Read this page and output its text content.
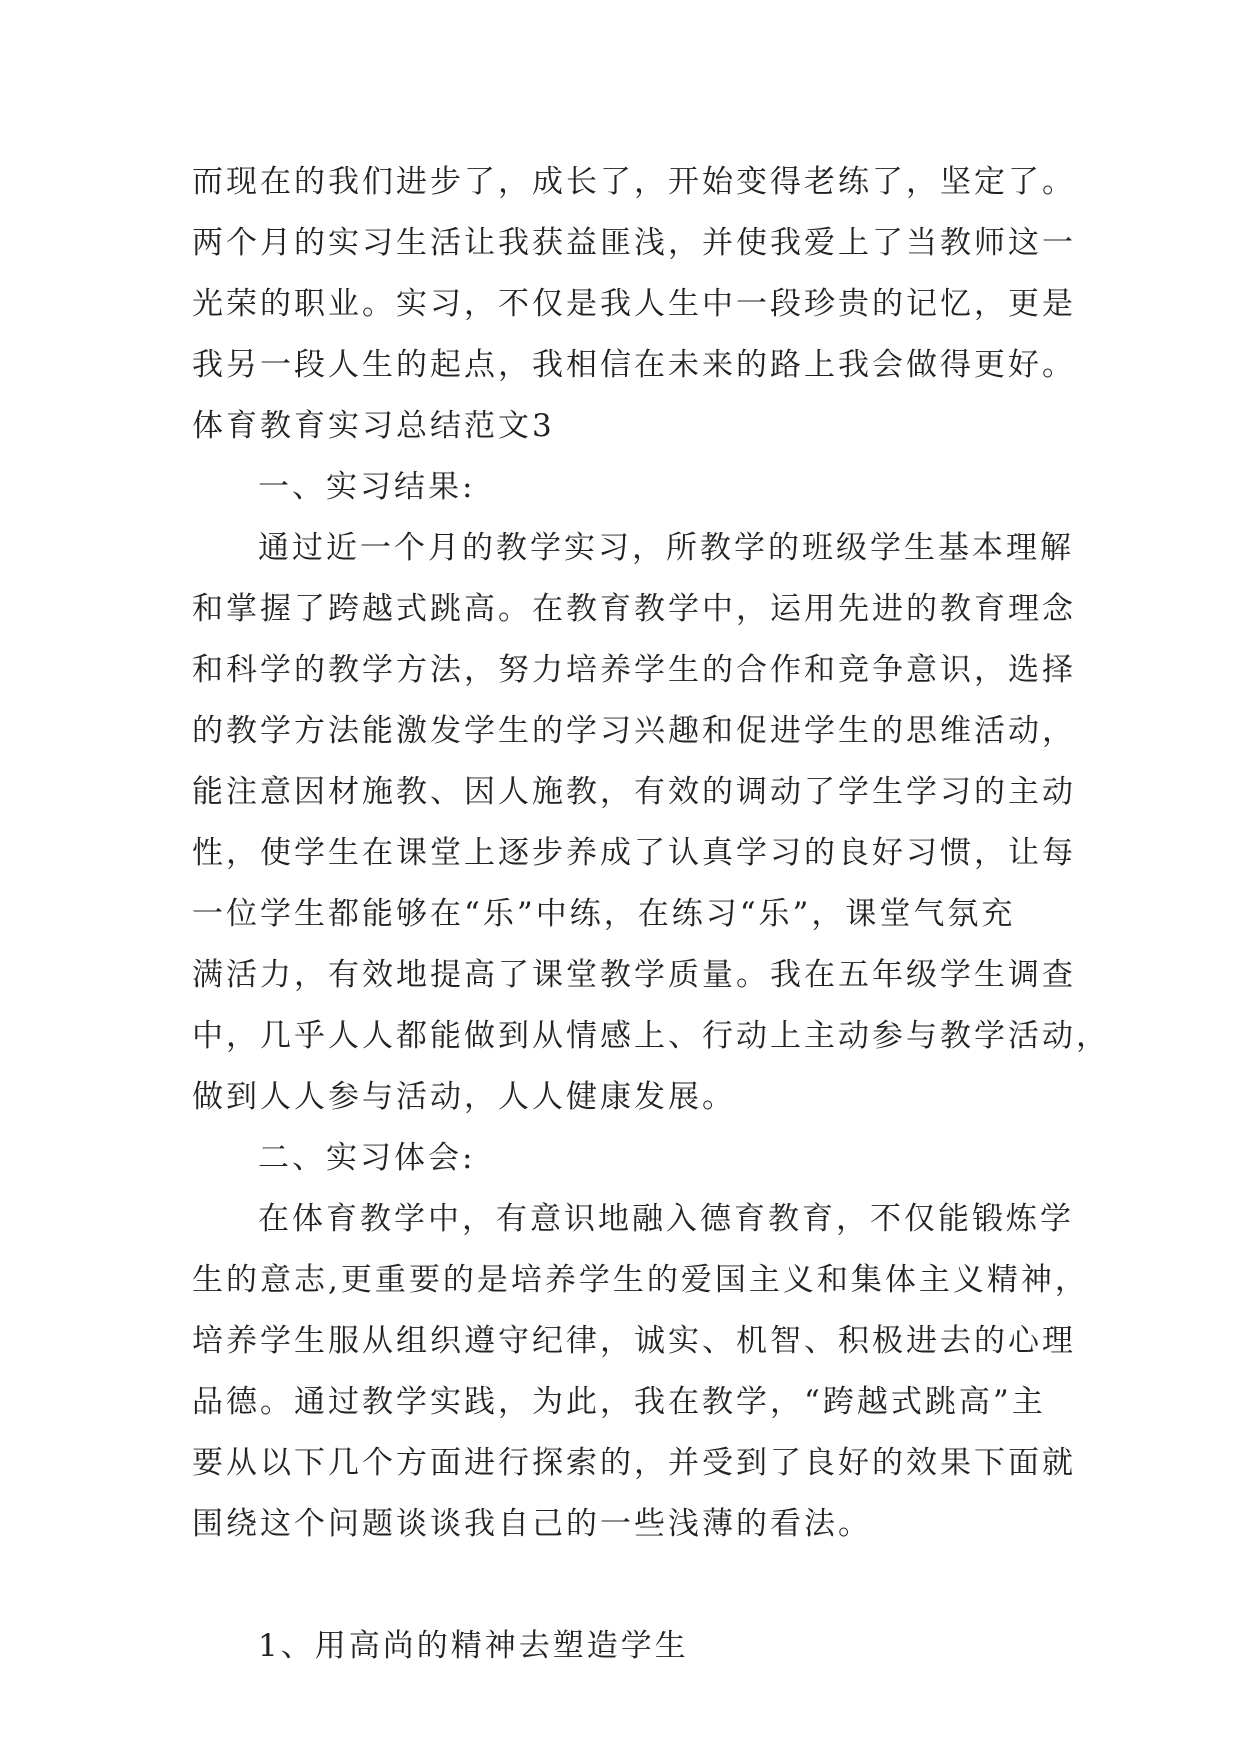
而现在的我们进步了，成长了，开始变得老练了，坚定了。
两个月的实习生活让我获益匪浅，并使我爱上了当教师这一
光荣的职业。实习，不仅是我人生中一段珍贵的记忆，更是
我另一段人生的起点，我相信在未来的路上我会做得更好。
体育教育实习总结范文3
一、实习结果:
通过近一个月的教学实习，所教学的班级学生基本理解
和掌握了跨越式跳高。在教育教学中，运用先进的教育理念
和科学的教学方法，努力培养学生的合作和竞争意识，选择
的教学方法能激发学生的学习兴趣和促进学生的思维活动，
能注意因材施教、因人施教，有效的调动了学生学习的主动
性，使学生在课堂上逐步养成了认真学习的良好习惯，让每
一位学生都能够在“乐”中练，在练习“乐”，课堂气氛充
满活力，有效地提高了课堂教学质量。我在五年级学生调查
中，几乎人人都能做到从情感上、行动上主动参与教学活动，
做到人人参与活动，人人健康发展。
二、实习体会:
在体育教学中，有意识地融入德育教育，不仅能锻炼学
生的意志,更重要的是培养学生的爱国主义和集体主义精神，
培养学生服从组织遵守纪律，诚实、机智、积极进去的心理
品德。通过教学实践，为此，我在教学，“跨越式跳高”主
要从以下几个方面进行探索的，并受到了良好的效果下面就
围绕这个问题谈谈我自己的一些浅薄的看法。
1、用高尚的精神去塑造学生
